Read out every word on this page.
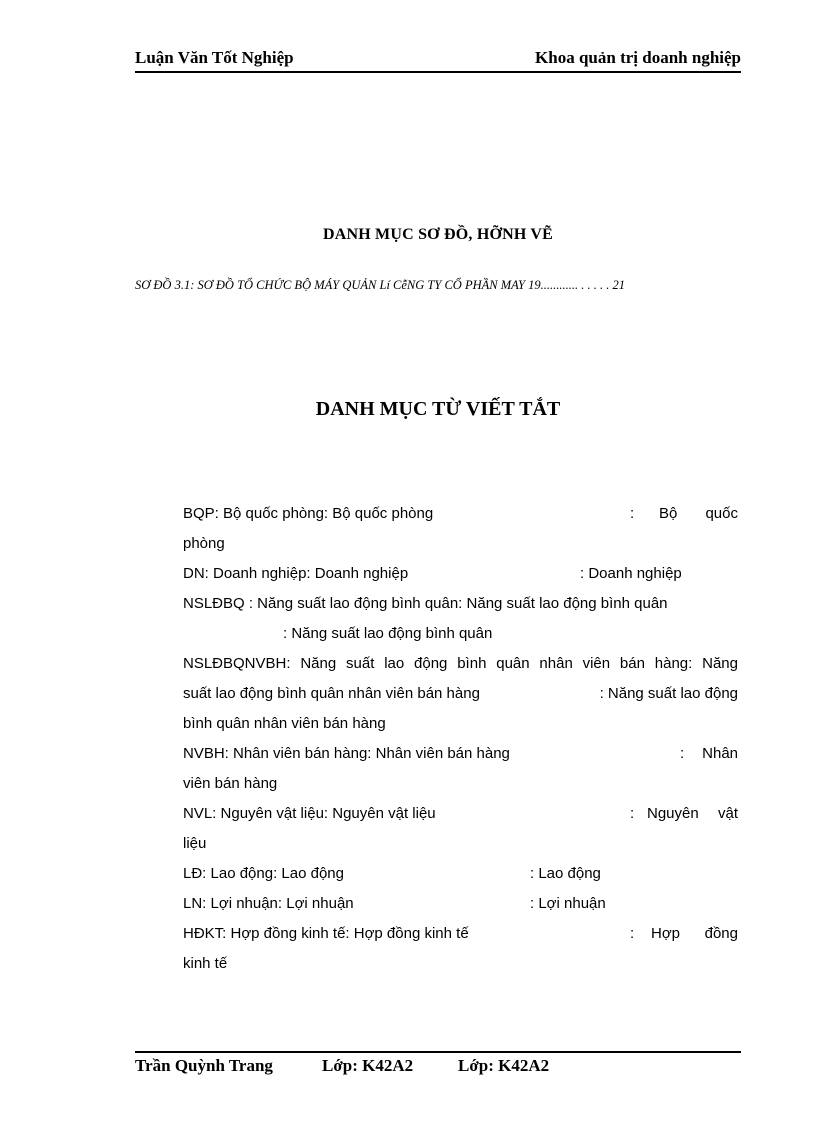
Luận Văn Tốt Nghiệp	Khoa quản trị doanh nghiệp
DANH MỤC SƠ ĐỒ, HỠNH VẼ
SƠ ĐỒ 3.1: SƠ ĐỒ TỔ CHỨC BỘ MÁY QUẢN Lí CễNG TY CỔ PHẦN MAY 19............ . . . . . 21
DANH MỤC TỪ VIẾT TẮT
BQP: Bộ quốc phòng: Bộ quốc phòng	: Bộ quốc
phòng
DN: Doanh nghiệp: Doanh nghiệp	: Doanh nghiệp
NSLĐBQ : Năng suất lao động bình quân: Năng suất lao động bình quân
: Năng suất lao động bình quân
NSLĐBQNVBH: Năng suất lao động bình quân nhân viên bán hàng: Năng
suất lao động bình quân nhân viên bán hàng	: Năng suất lao động
bình quân nhân viên bán hàng
NVBH: Nhân viên bán hàng: Nhân viên bán hàng	: Nhân
viên bán hàng
NVL: Nguyên vật liệu: Nguyên vật liệu	: Nguyên vật
liệu
LĐ: Lao động: Lao động	: Lao động
LN: Lợi nhuận: Lợi nhuận	: Lợi nhuận
HĐKT: Hợp đồng kinh tế: Hợp đồng kinh tế	: Hợp đồng
kinh tế
Trần Quỳnh Trang	Lớp: K42A2	Lớp: K42A2
